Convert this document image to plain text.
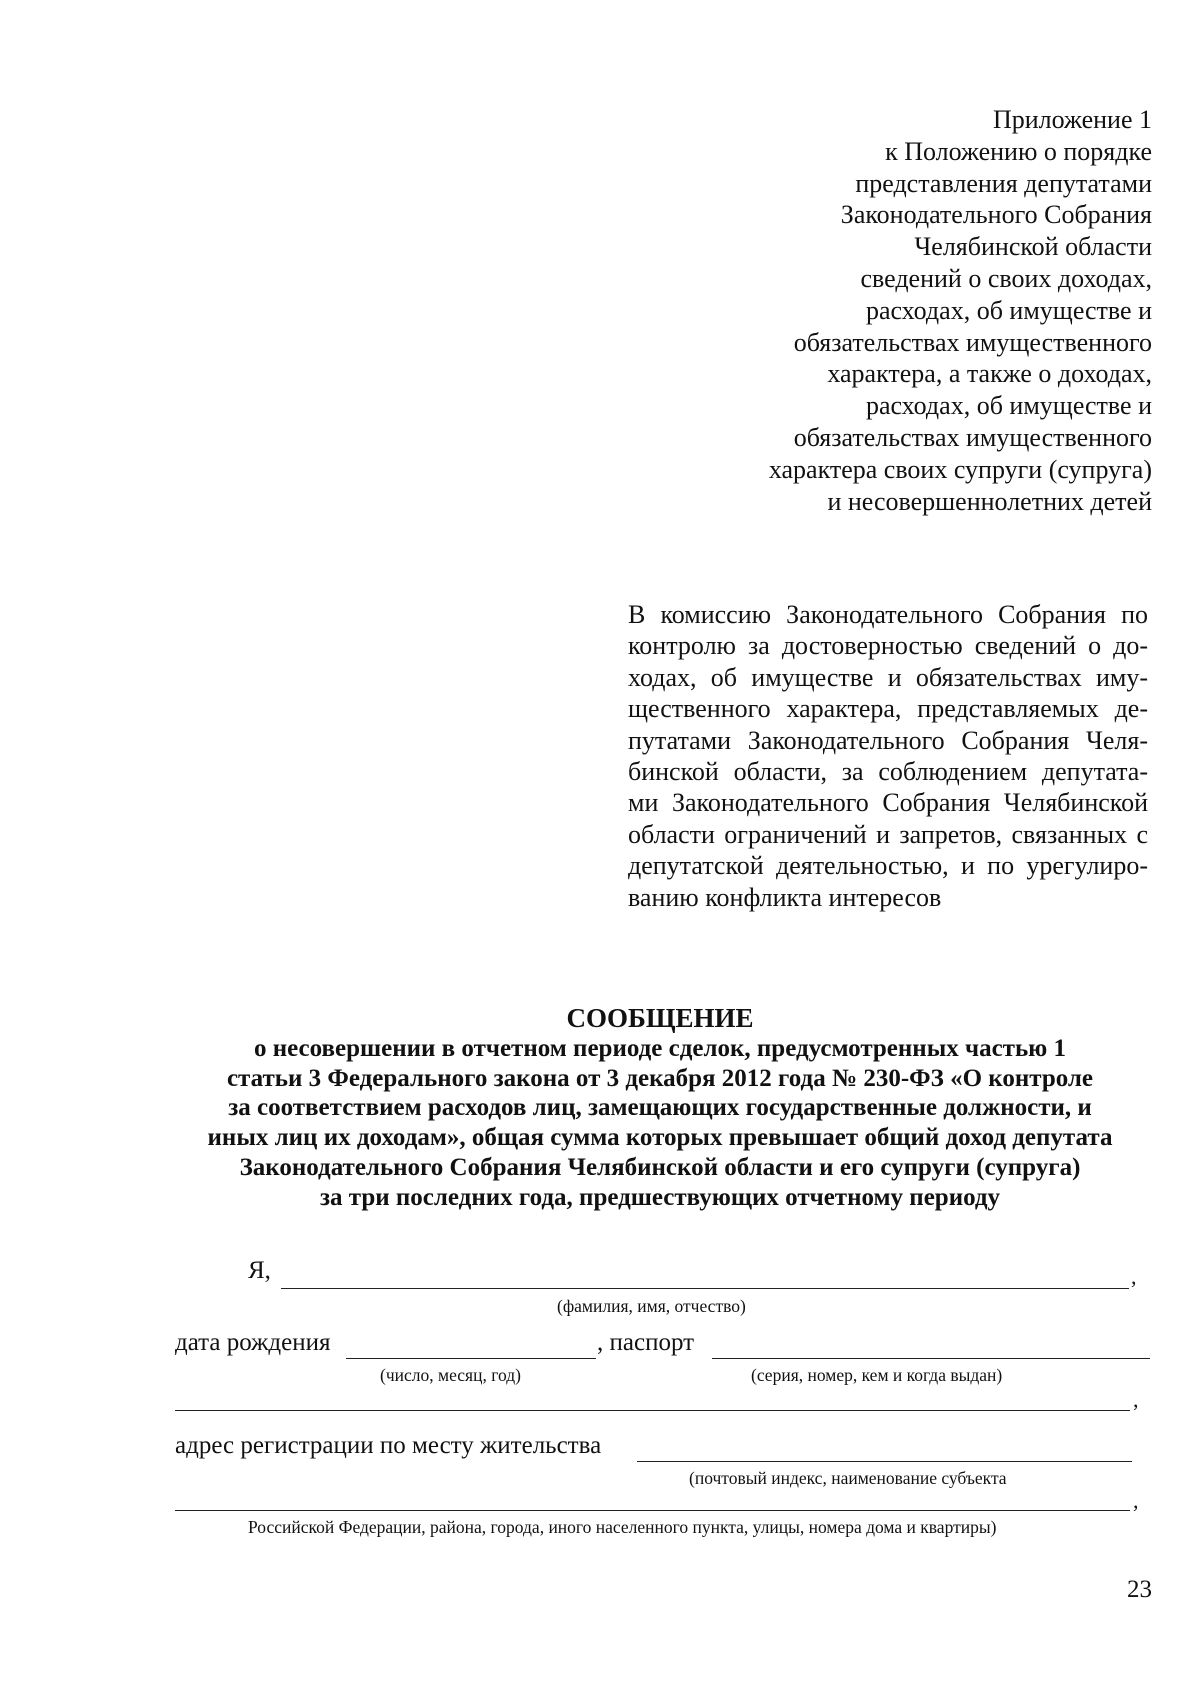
Приложение 1
к Положению о порядке
представления депутатами
Законодательного Собрания
Челябинской области
сведений о своих доходах,
расходах, об имуществе и
обязательствах имущественного
характера, а также о доходах,
расходах, об имуществе и
обязательствах имущественного
характера своих супруги (супруга)
и несовершеннолетних детей
В комиссию Законодательного Собрания по
контролю за достоверностью сведений о до-
ходах, об имуществе и обязательствах иму-
щественного характера, представляемых де-
путатами Законодательного Собрания Челя-
бинской области, за соблюдением депутата-
ми Законодательного Собрания Челябинской
области ограничений и запретов, связанных с
депутатской деятельностью, и по урегулиро-
ванию конфликта интересов
СООБЩЕНИЕ
о несовершении в отчетном периоде сделок, предусмотренных частью 1
статьи 3 Федерального закона от 3 декабря 2012 года № 230-ФЗ «О контроле
за соответствием расходов лиц, замещающих государственные должности, и
иных лиц их доходам», общая сумма которых превышает общий доход депутата
Законодательного Собрания Челябинской области и его супруги (супруга)
за три последних года, предшествующих отчетному периоду
Я,	,
(фамилия, имя, отчество)
дата рождения	, паспорт
(число, месяц, год)	(серия, номер, кем и когда выдан)
,
адрес регистрации по месту жительства
(почтовый индекс, наименование субъекта
,
Российской Федерации, района, города, иного населенного пункта, улицы, номера дома и квартиры)
23
